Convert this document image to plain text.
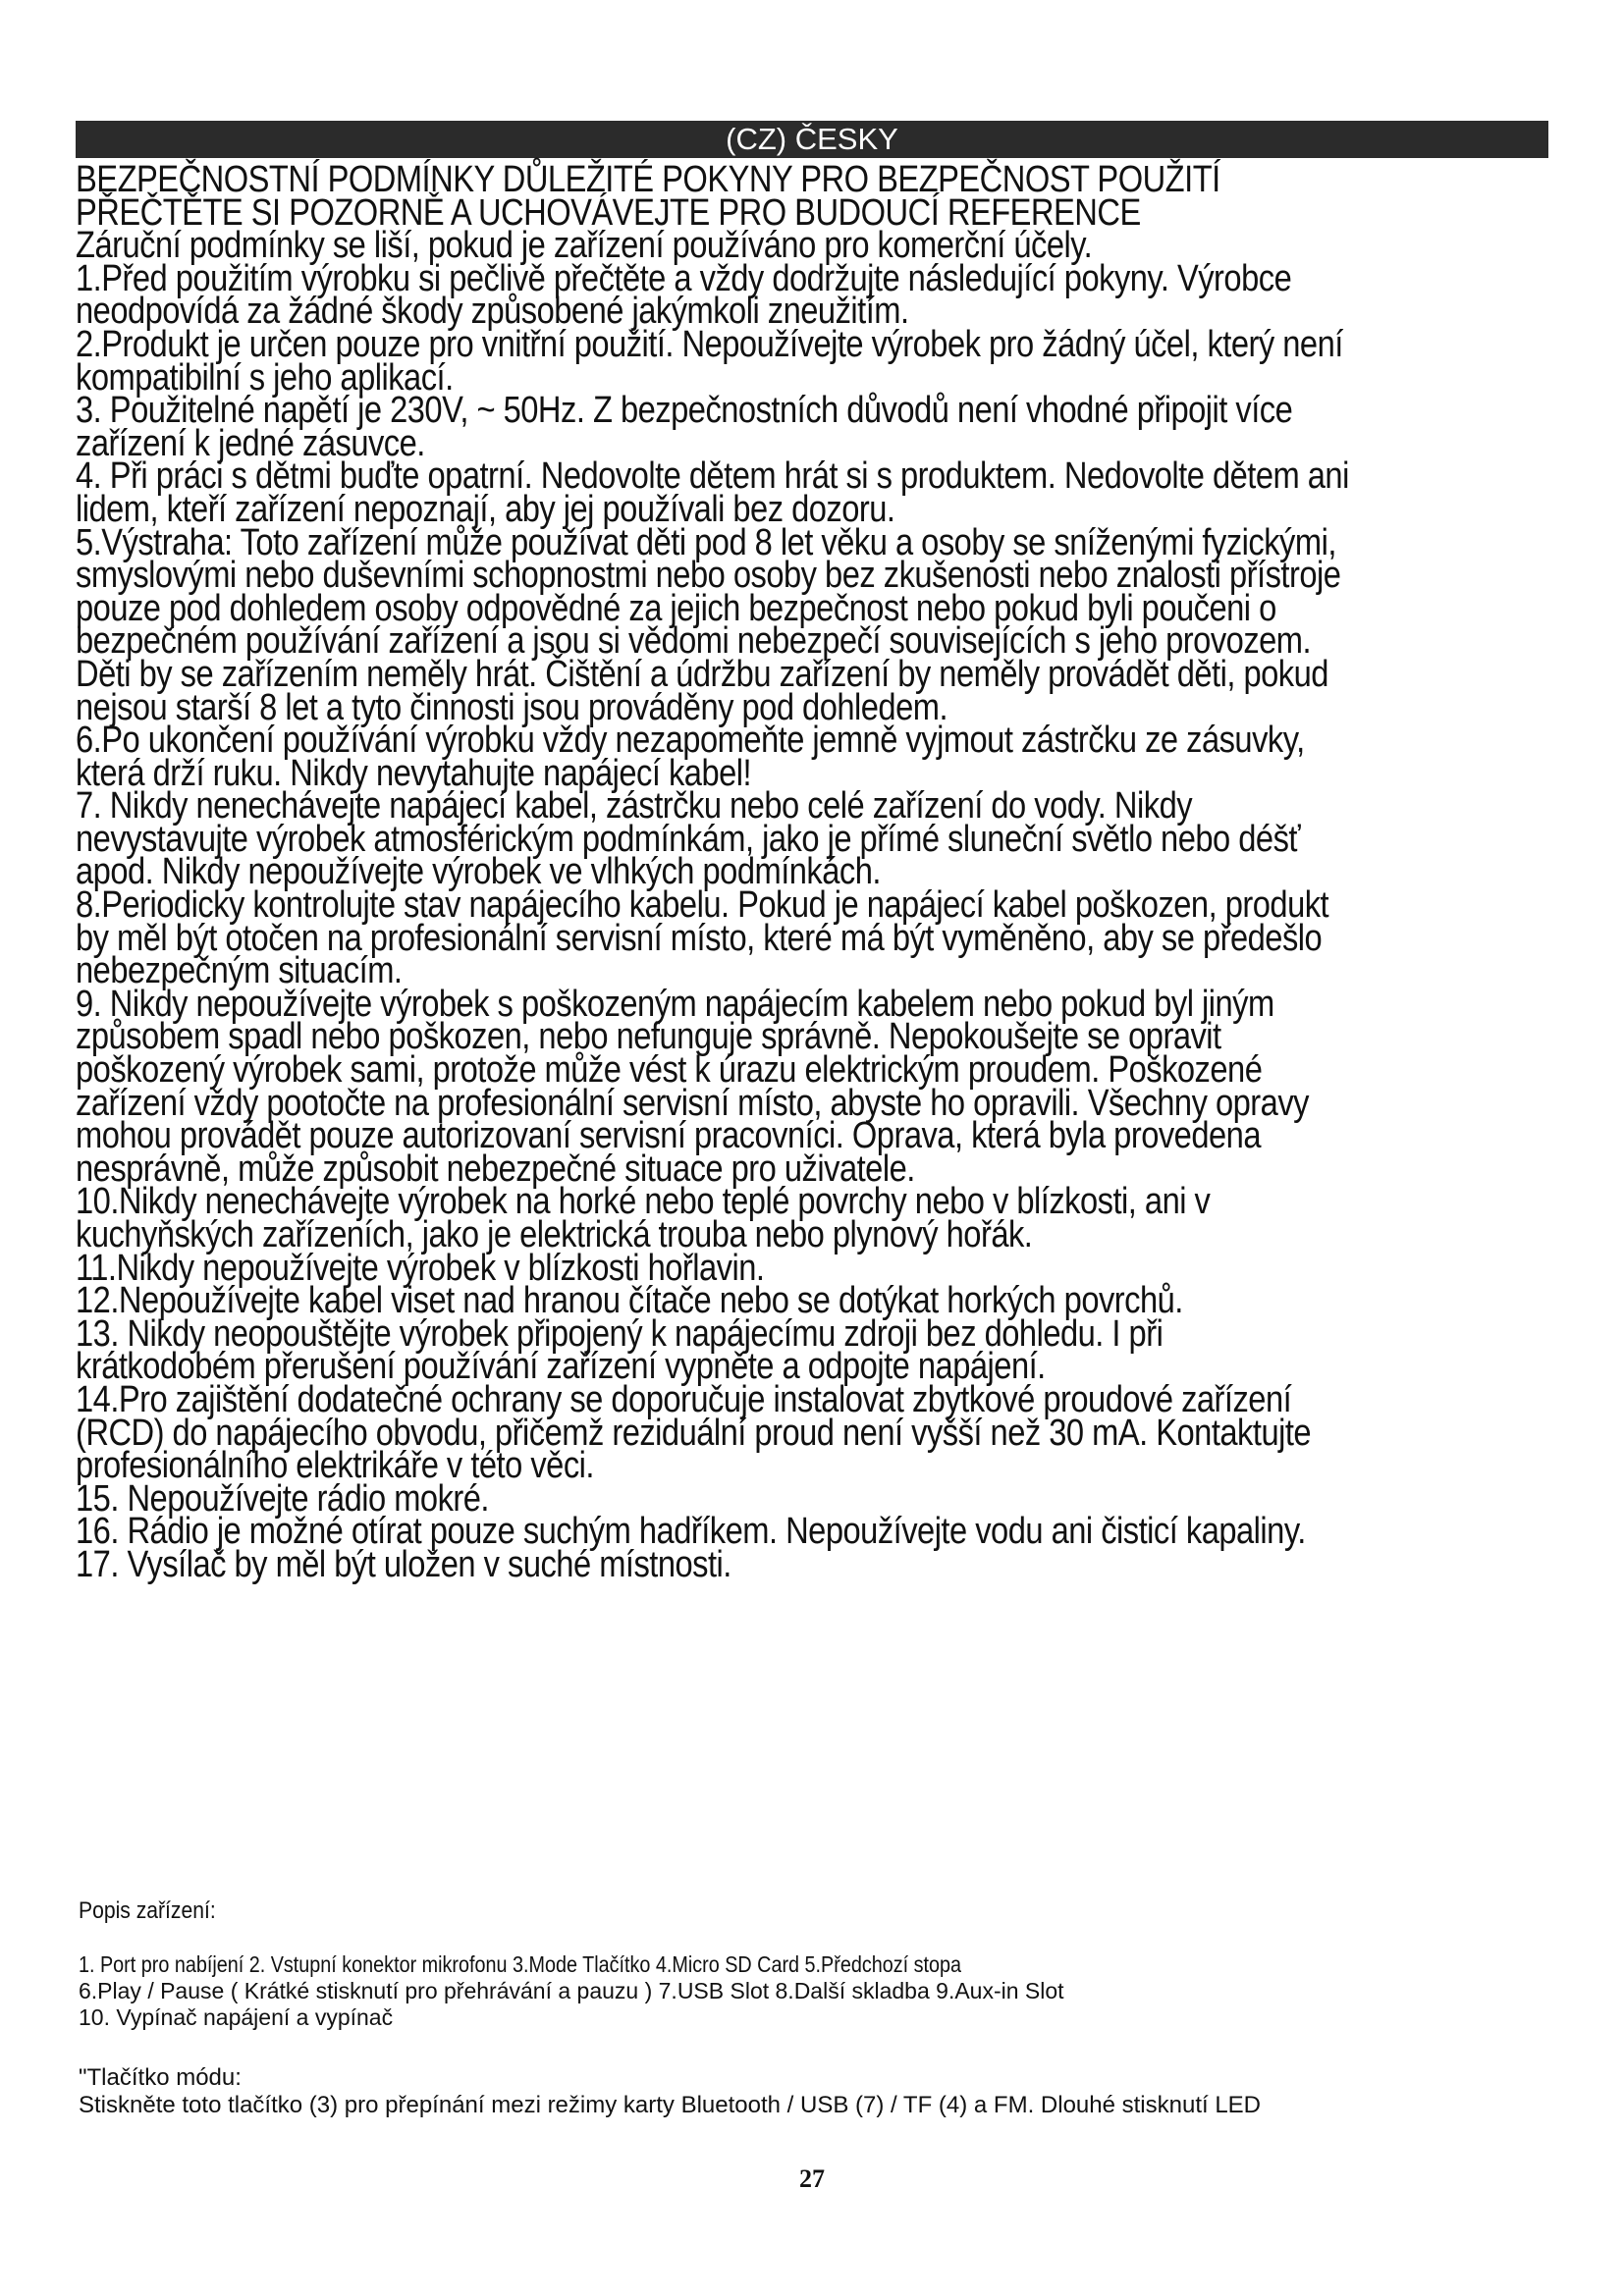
(CZ) ČESKY
BEZPEČNOSTNÍ PODMÍNKY DŮLEŽITÉ POKYNY PRO BEZPEČNOST POUŽITÍ
PŘEČTĚTE SI POZORNĚ A UCHOVÁVEJTE PRO BUDOUCÍ REFERENCE
Záruční podmínky se liší, pokud je zařízení používáno pro komerční účely.
1.Před použitím výrobku si pečlivě přečtěte a vždy dodržujte následující pokyny. Výrobce
neodpovídá za žádné škody způsobené jakýmkoli zneužitím.
2.Produkt je určen pouze pro vnitřní použití. Nepoužívejte výrobek pro žádný účel, který není
kompatibilní s jeho aplikací.
3. Použitelné napětí je 230V, ~ 50Hz. Z bezpečnostních důvodů není vhodné připojit více
zařízení k jedné zásuvce.
4. Při práci s dětmi buďte opatrní. Nedovolte dětem hrát si s produktem. Nedovolte dětem ani
lidem, kteří zařízení nepoznají, aby jej používali bez dozoru.
5.Výstraha: Toto zařízení může používat děti pod 8 let věku a osoby se sníženými fyzickými,
smyslovými nebo duševními schopnostmi nebo osoby bez zkušenosti nebo znalosti přístroje
pouze pod dohledem osoby odpovědné za jejich bezpečnost nebo pokud byli poučeni o
bezpečném používání zařízení a jsou si vědomi nebezpečí souvisejících s jeho provozem.
Děti by se zařízením neměly hrát. Čištění a údržbu zařízení by neměly provádět děti, pokud
nejsou starší 8 let a tyto činnosti jsou prováděny pod dohledem.
6.Po ukončení používání výrobku vždy nezapomeňte jemně vyjmout zástrčku ze zásuvky,
která drží ruku. Nikdy nevytahujte napájecí kabel!
7. Nikdy nenechávejte napájecí kabel, zástrčku nebo celé zařízení do vody. Nikdy
nevystavujte výrobek atmosférickým podmínkám, jako je přímé sluneční světlo nebo déšť
apod. Nikdy nepoužívejte výrobek ve vlhkých podmínkách.
8.Periodicky kontrolujte stav napájecího kabelu. Pokud je napájecí kabel poškozen, produkt
by měl být otočen na profesionální servisní místo, které má být vyměněno, aby se předešlo
nebezpečným situacím.
9. Nikdy nepoužívejte výrobek s poškozeným napájecím kabelem nebo pokud byl jiným
způsobem spadl nebo poškozen, nebo nefunguje správně. Nepokoušejte se opravit
poškozený výrobek sami, protože může vést k úrazu elektrickým proudem. Poškozené
zařízení vždy pootočte na profesionální servisní místo, abyste ho opravili. Všechny opravy
mohou provádět pouze autorizovaní servisní pracovníci. Oprava, která byla provedena
nesprávně, může způsobit nebezpečné situace pro uživatele.
10.Nikdy nenechávejte výrobek na horké nebo teplé povrchy nebo v blízkosti, ani v
kuchyňských zařízeních, jako je elektrická trouba nebo plynový hořák.
11.Nikdy nepoužívejte výrobek v blízkosti hořlavin.
12.Nepoužívejte kabel viset nad hranou čítače nebo se dotýkat horkých povrchů.
13. Nikdy neopouštějte výrobek připojený k napájecímu zdroji bez dohledu. I při
krátkodobém přerušení používání zařízení vypněte a odpojte napájení.
14.Pro zajištění dodatečné ochrany se doporučuje instalovat zbytkové proudové zařízení
(RCD) do napájecího obvodu, přičemž reziduální proud není vyšší než 30 mA. Kontaktujte
profesionálního elektrikáře v této věci.
15. Nepoužívejte rádio mokré.
16. Rádio je možné otírat pouze suchým hadříkem. Nepoužívejte vodu ani čisticí kapaliny.
17. Vysílač by měl být uložen v suché místnosti.
Popis zařízení:
1. Port pro nabíjení 2. Vstupní konektor mikrofonu 3.Mode Tlačítko 4.Micro SD Card 5.Předchozí stopa
6.Play / Pause ( Krátké stisknutí pro přehrávání a pauzu ) 7.USB Slot 8.Další skladba 9.Aux-in Slot
10. Vypínač napájení a vypínač
"Tlačítko módu:
Stiskněte toto tlačítko (3) pro přepínání mezi režimy karty Bluetooth / USB (7) / TF (4) a FM. Dlouhé stisknutí LED
27
